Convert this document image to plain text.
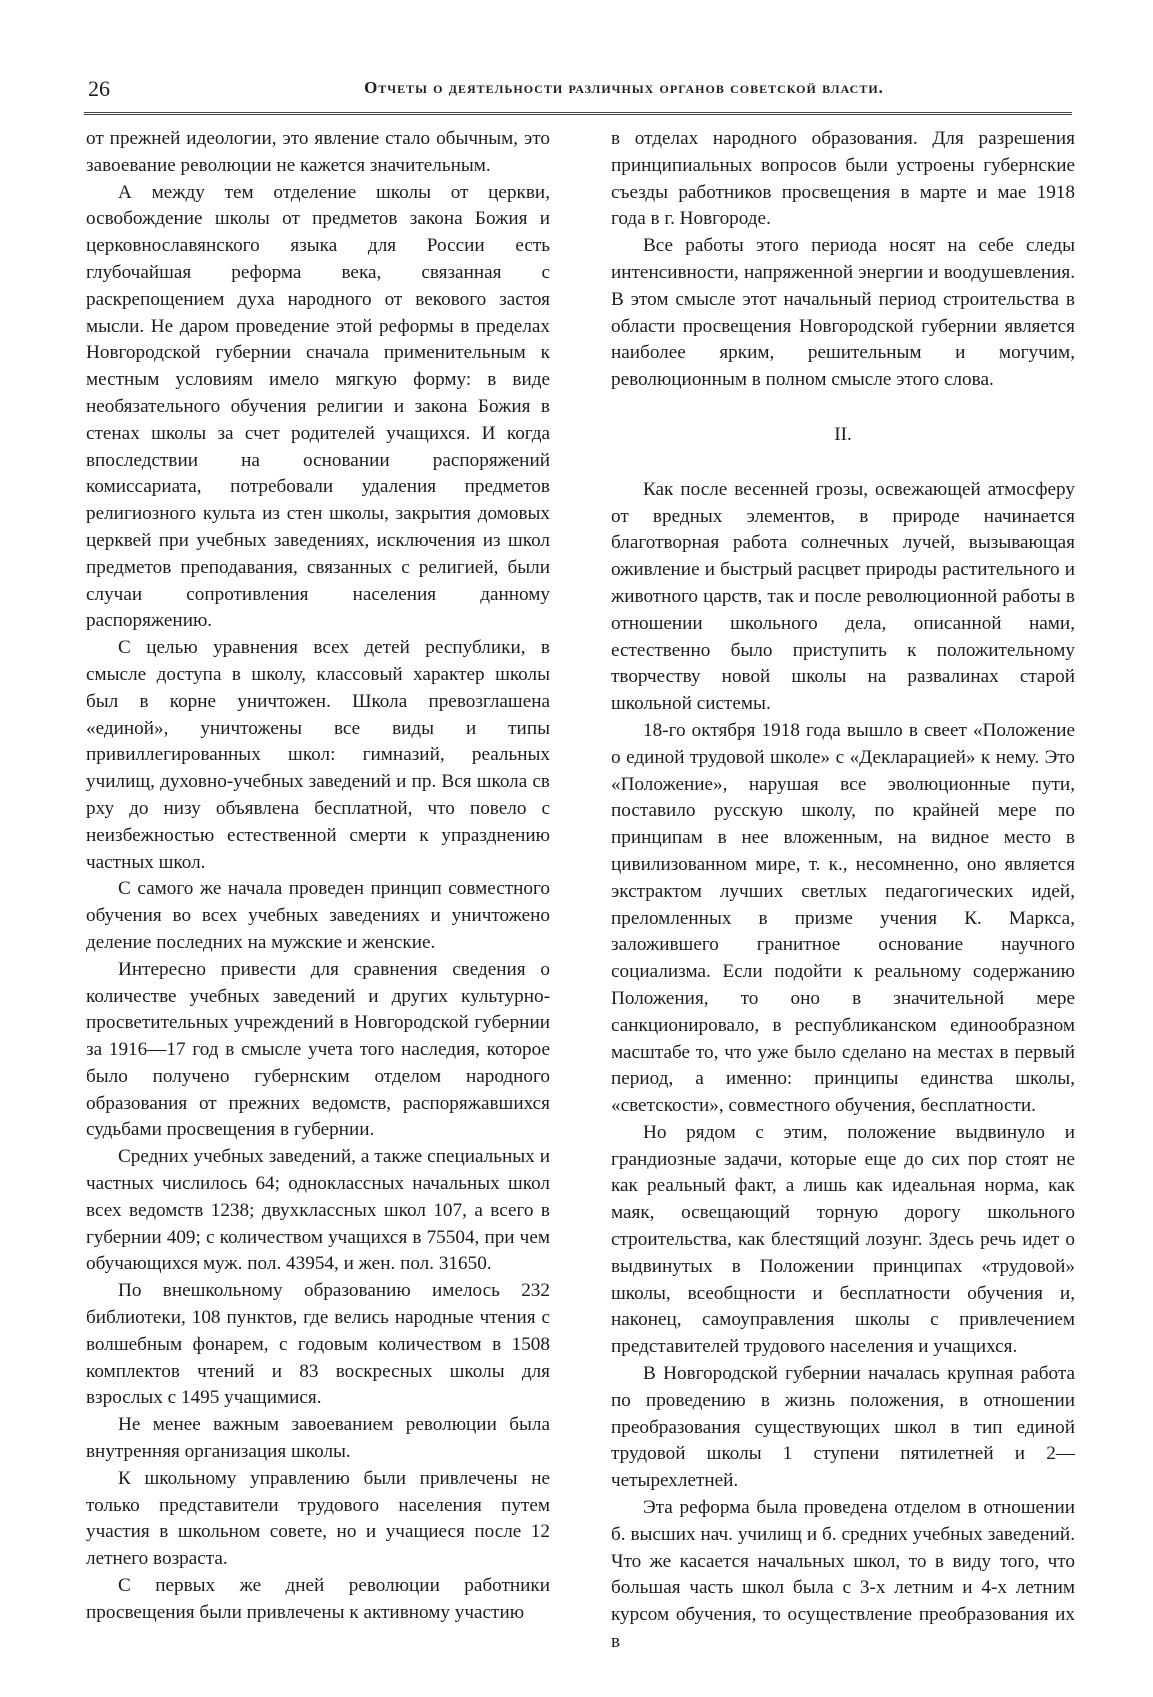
26	Отчеты о деятельности различных органов советской власти.

от прежней идеологии, это явление стало обычным, это завоевание революции не кажется значительным.

А между тем отделение школы от церкви, освобождение школы от предметов закона Божия и церковнославянского языка для России есть глубочайшая реформа века, связанная с раскрепощением духа народного от векового застоя мысли. Не даром проведение этой реформы в пределах Новгородской губернии сначала применительным к местным условиям имело мягкую форму: в виде необязательного обучения религии и закона Божия в стенах школы за счет родителей учащихся. И когда впоследствии на основании распоряжений комиссариата, потребовали удаления предметов религиозного культа из стен школы, закрытия домовых церквей при учебных заведениях, исключения из школ предметов преподавания, связанных с религией, были случаи сопротивления населения данному распоряжению.

С целью уравнения всех детей республики, в смысле доступа в школу, классовый характер школы был в корне уничтожен. Школа превозглашена «единой», уничтожены все виды и типы привиллегированных школ: гимназий, реальных училищ, духовно-учебных заведений и пр. Вся школа св рху до низу объявлена бесплатной, что повело с неизбежностью естественной смерти к упразднению частных школ.

С самого же начала проведен принцип совместного обучения во всех учебных заведениях и уничтожено деление последних на мужские и женские.

Интересно привести для сравнения сведения о количестве учебных заведений и других культурно-просветительных учреждений в Новгородской губернии за 1916—17 год в смысле учета того наследия, которое было получено губернским отделом народного образования от прежних ведомств, распоряжавшихся судьбами просвещения в губернии.

Средних учебных заведений, а также специальных и частных числилось 64; одноклассных начальных школ всех ведомств 1238; двухклассных школ 107, а всего в губернии 409; с количеством учащихся в 75504, при чем обучающихся муж. пол. 43954, и жен. пол. 31650.

По внешкольному образованию имелось 232 библиотеки, 108 пунктов, где велись народные чтения с волшебным фонарем, с годовым количеством в 1508 комплектов чтений и 83 воскресных школы для взрослых с 1495 учащимися.

Не менее важным завоеванием революции была внутренняя организация школы.

К школьному управлению были привлечены не только представители трудового населения путем участия в школьном совете, но и учащиеся после 12 летнего возраста.

С первых же дней революции работники просвещения были привлечены к активному участию

в отделах народного образования. Для разрешения принципиальных вопросов были устроены губернские съезды работников просвещения в марте и мае 1918 года в г. Новгороде.

Все работы этого периода носят на себе следы интенсивности, напряженной энергии и воодушевления. В этом смысле этот начальный период строительства в области просвещения Новгородской губернии является наиболее ярким, решительным и могучим, революционным в полном смысле этого слова.

II.

Как после весенней грозы, освежающей атмосферу от вредных элементов, в природе начинается благотворная работа солнечных лучей, вызывающая оживление и быстрый расцвет природы растительного и животного царств, так и после революционной работы в отношении школьного дела, описанной нами, естественно было приступить к положительному творчеству новой школы на развалинах старой школьной системы.

18-го октября 1918 года вышло в свеет «Положение о единой трудовой школе» с «Декларацией» к нему. Это «Положение», нарушая все эволюционные пути, поставило русскую школу, по крайней мере по принципам в нее вложенным, на видное место в цивилизованном мире, т. к., несомненно, оно является экстрактом лучших светлых педагогических идей, преломленных в призме учения К. Маркса, заложившего гранитное основание научного социализма. Если подойти к реальному содержанию Положения, то оно в значительной мере санкционировало, в республиканском единообразном масштабе то, что уже было сделано на местах в первый период, а именно: принципы единства школы, «светскости», совместного обучения, бесплатности.

Но рядом с этим, положение выдвинуло и грандиозные задачи, которые еще до сих пор стоят не как реальный факт, а лишь как идеальная норма, как маяк, освещающий торную дорогу школьного строительства, как блестящий лозунг. Здесь речь идет о выдвинутых в Положении принципах «трудовой» школы, всеобщности и бесплатности обучения и, наконец, самоуправления школы с привлечением представителей трудового населения и учащихся.

В Новгородской губернии началась крупная работа по проведению в жизнь положения, в отношении преобразования существующих школ в тип единой трудовой школы 1 ступени пятилетней и 2—четырехлетней.

Эта реформа была проведена отделом в отношении б. высших нач. училищ и б. средних учебных заведений. Что же касается начальных школ, то в виду того, что большая часть школ была с 3-х летним и 4-х летним курсом обучения, то осуществление преобразования их в
